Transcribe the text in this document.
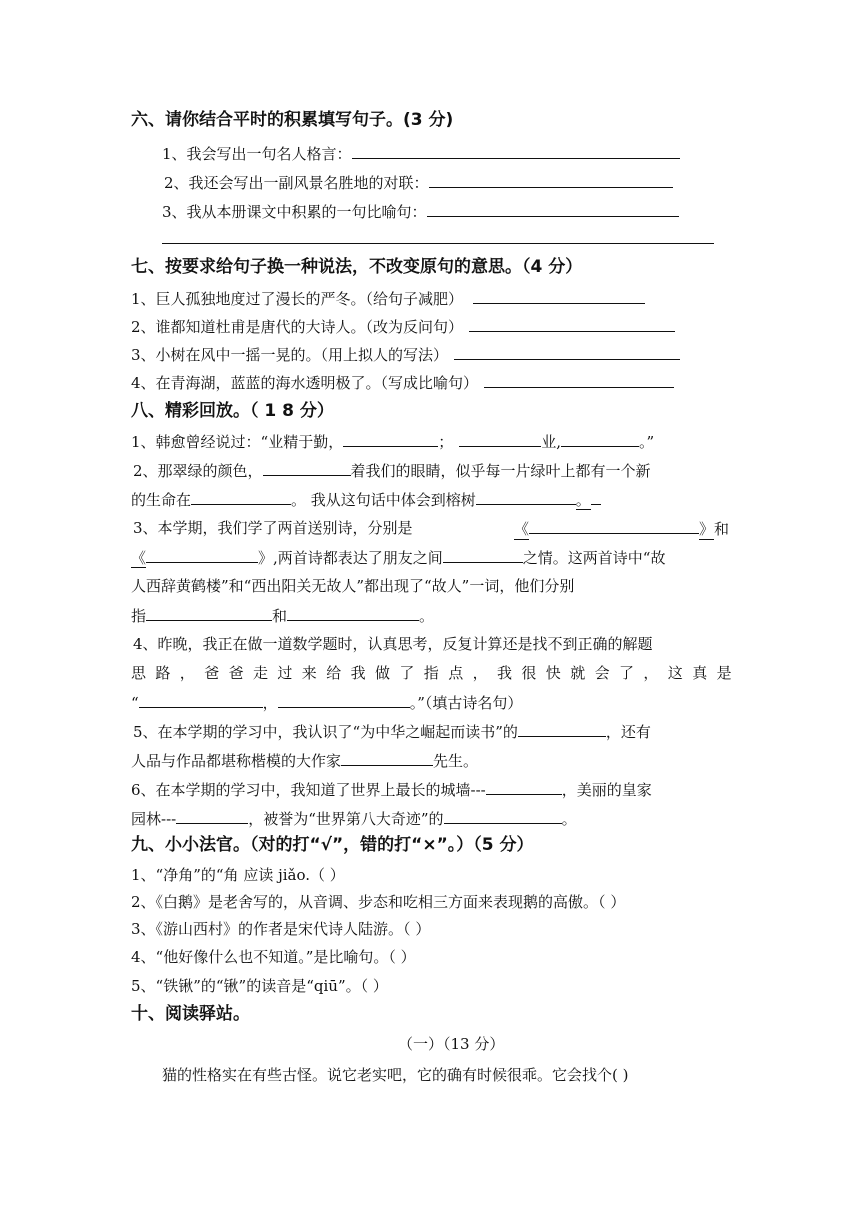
六、请你结合平时的积累填写句子。(3 分)
1、我会写出一句名人格言：
2、我还会写出一副风景名胜地的对联：
3、我从本册课文中积累的一句比喻句：
七、按要求给句子换一种说法，不改变原句的意思。（4 分）
1、巨人孤独地度过了漫长的严冬。（给句子减肥）
2、谁都知道杜甫是唐代的大诗人。（改为反问句）
3、小树在风中一摇一晃的。（用上拟人的写法）
4、在青海湖，蓝蓝的海水透明极了。（写成比喻句）
八、精彩回放。（ 1 8 分）
1、韩愈曾经说过：“业精于勤，	；	业,	。”
2、那翠绿的颜色，	着我们的眼睛，似乎每一片绿叶上都有一个新
的生命在	。 我从这句话中体会到榕树	。
3、本学期，我们学了两首送别诗，分别是	《	》和
《	》,两首诗都表达了朋友之间	之情。这两首诗中“故
人西辞黄鹤楼”和“西出阳关无故人”都出现了“故人”一词，他们分别
指	和	。
4、昨晚，我正在做一道数学题时，认真思考，反复计算还是找不到正确的解题
思路，爸爸走过来给我做了指点，我很快就会了，这真是
“	，	。”（填古诗名句）
5、在本学期的学习中，我认识了“为中华之崛起而读书”的	，还有
人品与作品都堪称楷模的大作家	先生。
6、在本学期的学习中，我知道了世界上最长的城墙---	，美丽的皇家
园林---	，被誉为“世界第八大奇迹”的	。
九、小小法官。（对的打“√”，错的打“×”。）（5 分）
1、“净角”的“角 应读 jiǎo.（ ）
2、《白鹅》是老舍写的，从音调、步态和吃相三方面来表现鹅的高傲。（ ）
3、《游山西村》的作者是宋代诗人陆游。（ ）
4、“他好像什么也不知道。”是比喻句。（ ）
5、“铁锹”的“锹”的读音是“qiū”。（ ）
十、阅读驿站。
（一）（13 分）
猫的性格实在有些古怪。说它老实吧，它的确有时候很乖。它会找个( )
